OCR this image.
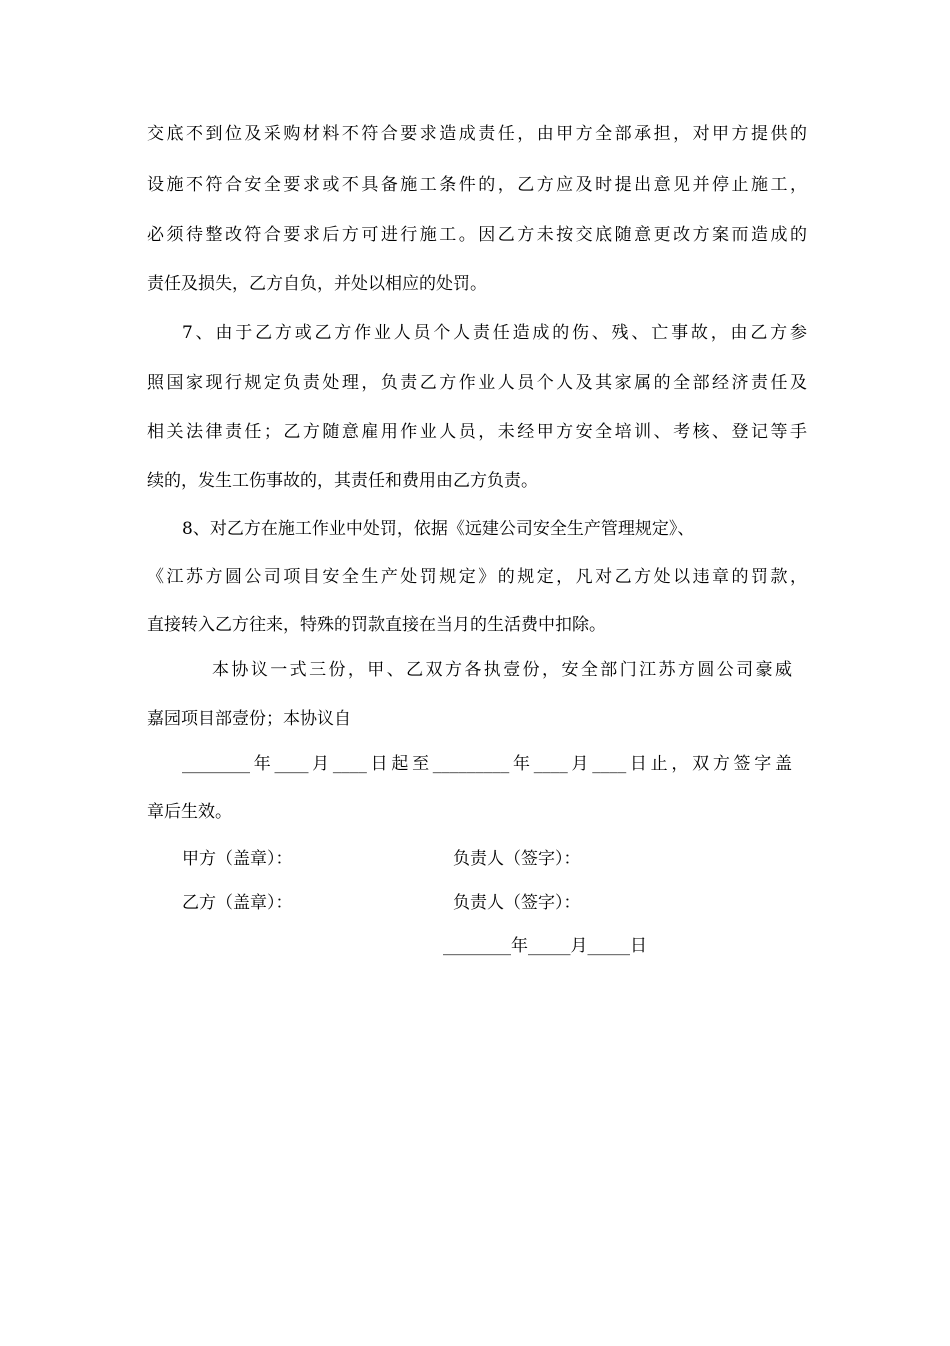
交底不到位及采购材料不符合要求造成责任，由甲方全部承担，对甲方提供的
设施不符合安全要求或不具备施工条件的，乙方应及时提出意见并停止施工，
必须待整改符合要求后方可进行施工。因乙方未按交底随意更改方案而造成的
责任及损失，乙方自负，并处以相应的处罚。
7、由于乙方或乙方作业人员个人责任造成的伤、残、亡事故，由乙方参
照国家现行规定负责处理，负责乙方作业人员个人及其家属的全部经济责任及
相关法律责任；乙方随意雇用作业人员，未经甲方安全培训、考核、登记等手
续的，发生工伤事故的，其责任和费用由乙方负责。
8、对乙方在施工作业中处罚，依据《远建公司安全生产管理规定》、
《江苏方圆公司项目安全生产处罚规定》的规定，凡对乙方处以违章的罚款，
直接转入乙方往来，特殊的罚款直接在当月的生活费中扣除。
本协议一式三份，甲、乙双方各执壹份，安全部门江苏方圆公司豪威
嘉园项目部壹份；本协议自
________年____月____日起至_________年____月____日止，双方签字盖
章后生效。
甲方（盖章）：	负责人（签字）：
乙方（盖章）：	负责人（签字）：
________年_____月_____日
